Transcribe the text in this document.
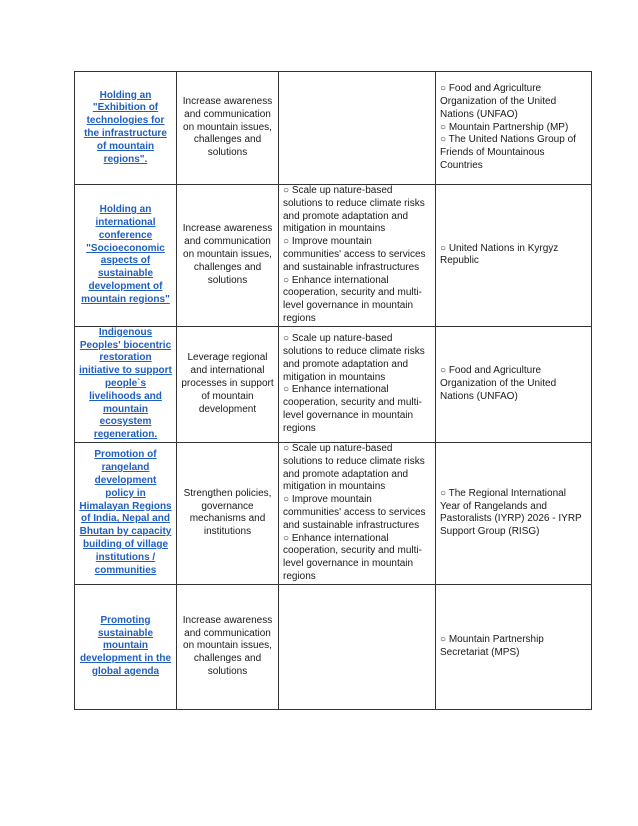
Holding an "Exhibition of technologies for the infrastructure of mountain regions".	Increase awareness and communication on mountain issues, challenges and solutions		○ Food and Agriculture Organization of the United Nations (UNFAO)
○ Mountain Partnership (MP)
○ The United Nations Group of Friends of Mountainous Countries

Holding an international conference "Socioeconomic aspects of sustainable development of mountain regions"	Increase awareness and communication on mountain issues, challenges and solutions	○ Scale up nature-based solutions to reduce climate risks and promote adaptation and mitigation in mountains
○ Improve mountain communities' access to services and sustainable infrastructures
○ Enhance international cooperation, security and multi-level governance in mountain regions	○ United Nations in Kyrgyz Republic

Indigenous Peoples' biocentric restoration initiative to support people`s livelihoods and mountain ecosystem regeneration.	Leverage regional and international processes in support of mountain development	○ Scale up nature-based solutions to reduce climate risks and promote adaptation and mitigation in mountains
○ Enhance international cooperation, security and multi-level governance in mountain regions	○ Food and Agriculture Organization of the United Nations (UNFAO)

Promotion of rangeland development policy in Himalayan Regions of India, Nepal and Bhutan by capacity building of village institutions / communities	Strengthen policies, governance mechanisms and institutions	○ Scale up nature-based solutions to reduce climate risks and promote adaptation and mitigation in mountains
○ Improve mountain communities' access to services and sustainable infrastructures
○ Enhance international cooperation, security and multi-level governance in mountain regions	○ The Regional International Year of Rangelands and Pastoralists (IYRP) 2026 - IYRP Support Group (RISG)

Promoting sustainable mountain development in the global agenda	Increase awareness and communication on mountain issues, challenges and solutions		○ Mountain Partnership Secretariat (MPS)
